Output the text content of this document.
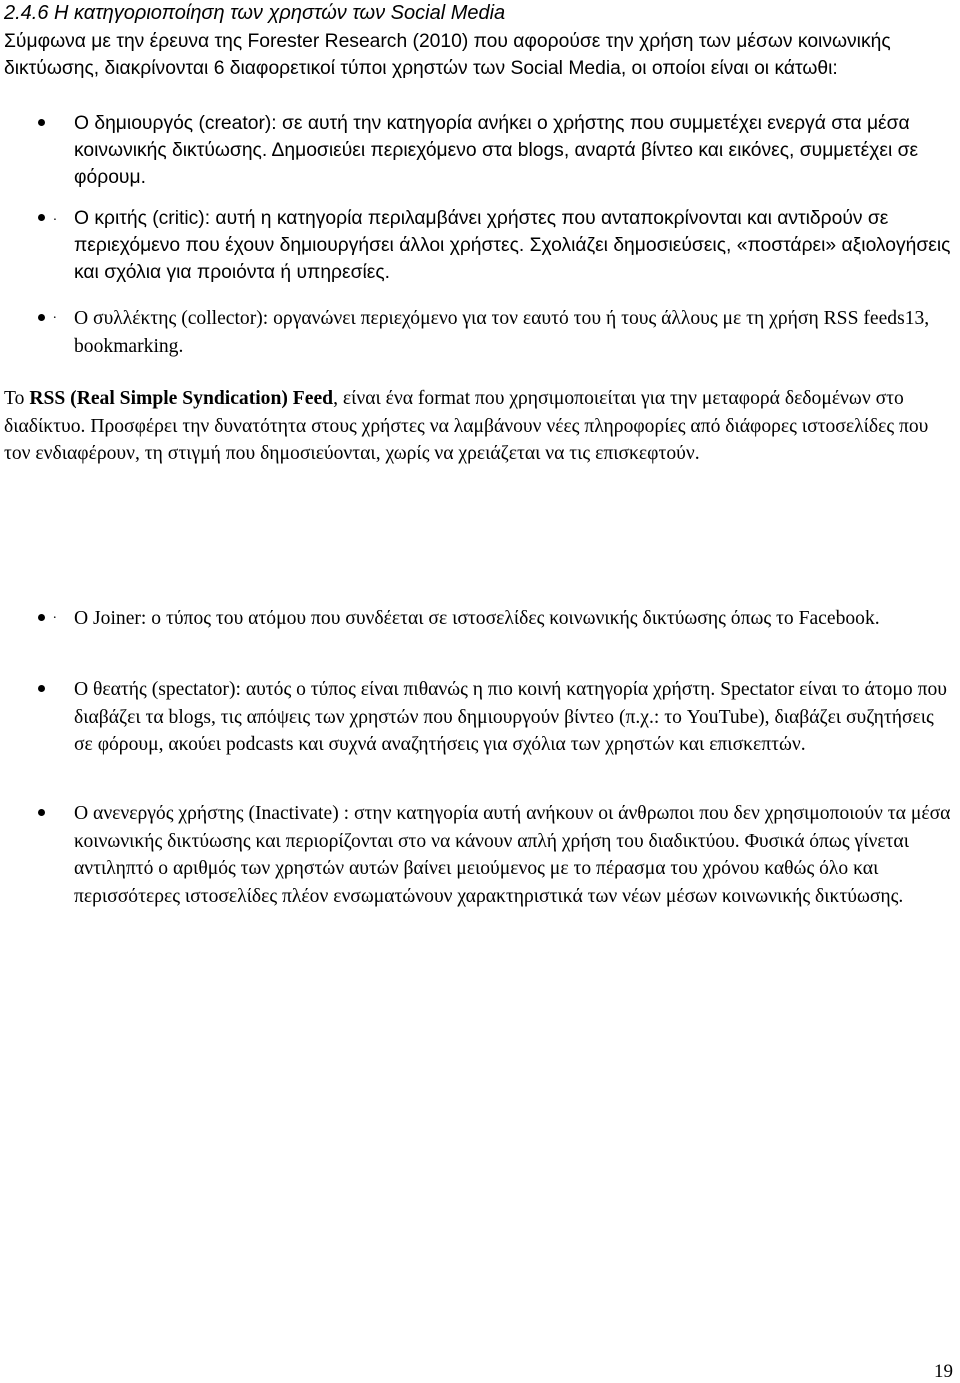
2.4.6 Η κατηγοριοποίηση των χρηστών των Social Media

Σύμφωνα με την έρευνα της Forester Research (2010) που αφορούσε την χρήση των μέσων κοινωνικής δικτύωσης, διακρίνονται 6 διαφορετικοί τύποι χρηστών των Social Media, οι οποίοι είναι οι κάτωθι:

Ο δημιουργός (creator): σε αυτή την κατηγορία ανήκει ο χρήστης που συμμετέχει ενεργά στα μέσα κοινωνικής δικτύωσης. Δημοσιεύει περιεχόμενο στα blogs, αναρτά βίντεο και εικόνες, συμμετέχει σε φόρουμ.

. Ο κριτής (critic): αυτή η κατηγορία περιλαμβάνει χρήστες που ανταποκρίνονται και αντιδρούν σε περιεχόμενο που έχουν δημιουργήσει άλλοι χρήστες. Σχολιάζει δημοσιεύσεις, «ποστάρει» αξιολογήσεις και σχόλια για προιόντα ή υπηρεσίες.

. Ο συλλέκτης (collector): οργανώνει περιεχόμενο για τον εαυτό του ή τους άλλους με τη χρήση RSS feeds13, bookmarking.

Το RSS (Real Simple Syndication) Feed, είναι ένα format που χρησιμοποιείται για την μεταφορά δεδομένων στο διαδίκτυο. Προσφέρει την δυνατότητα στους χρήστες να λαμβάνουν νέες πληροφορίες από διάφορες ιστοσελίδες που τον ενδιαφέρουν, τη στιγμή που δημοσιεύονται, χωρίς να χρειάζεται να τις επισκεφτούν.

. Ο Joiner: ο τύπος του ατόμου που συνδέεται σε ιστοσελίδες κοινωνικής δικτύωσης όπως το Facebook.

Ο θεατής (spectator): αυτός ο τύπος είναι πιθανώς η πιο κοινή κατηγορία χρήστη. Spectator είναι το άτομο που διαβάζει τα blogs, τις απόψεις των χρηστών που δημιουργούν βίντεο (π.χ.: το YouTube), διαβάζει συζητήσεις σε φόρουμ, ακούει podcasts και συχνά αναζητήσεις για σχόλια των χρηστών και επισκεπτών.

Ο ανενεργός χρήστης (Inactivate) : στην κατηγορία αυτή ανήκουν οι άνθρωποι που δεν χρησιμοποιούν τα μέσα κοινωνικής δικτύωσης και περιορίζονται στο να κάνουν απλή χρήση του διαδικτύου. Φυσικά όπως γίνεται αντιληπτό ο αριθμός των χρηστών αυτών βαίνει μειούμενος με το πέρασμα του χρόνου καθώς όλο και περισσότερες ιστοσελίδες πλέον ενσωματώνουν χαρακτηριστικά των νέων μέσων κοινωνικής δικτύωσης.

19
